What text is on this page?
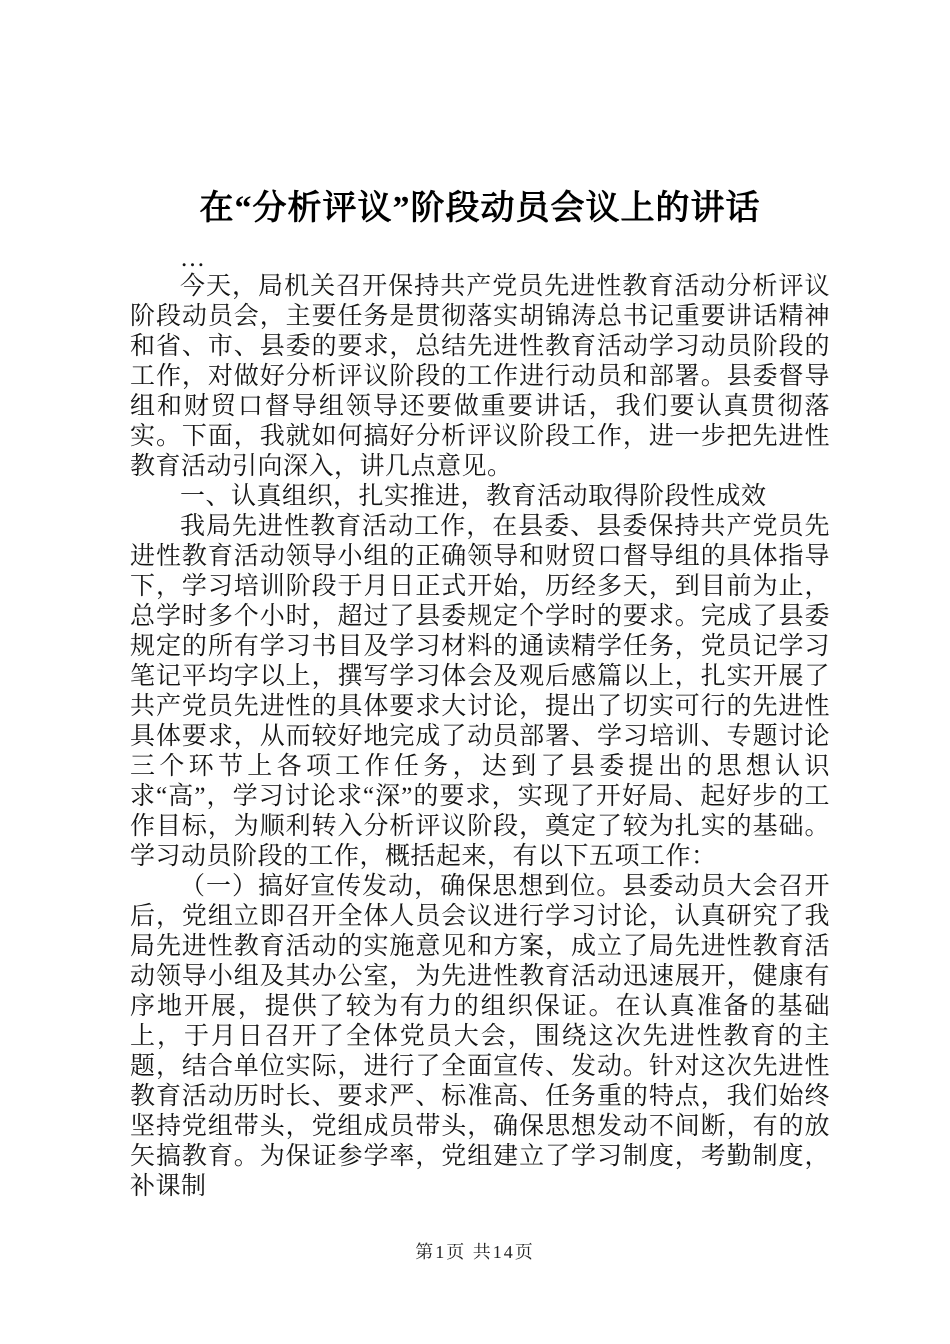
在“分析评议”阶段动员会议上的讲话

…

今天，局机关召开保持共产党员先进性教育活动分析评议阶段动员会，主要任务是贯彻落实胡锦涛总书记重要讲话精神和省、市、县委的要求，总结先进性教育活动学习动员阶段的工作，对做好分析评议阶段的工作进行动员和部署。县委督导组和财贸口督导组领导还要做重要讲话，我们要认真贯彻落实。下面，我就如何搞好分析评议阶段工作，进一步把先进性教育活动引向深入，讲几点意见。

一、认真组织，扎实推进，教育活动取得阶段性成效

我局先进性教育活动工作，在县委、县委保持共产党员先进性教育活动领导小组的正确领导和财贸口督导组的具体指导下，学习培训阶段于月日正式开始，历经多天，到目前为止，总学时多个小时，超过了县委规定个学时的要求。完成了县委规定的所有学习书目及学习材料的通读精学任务，党员记学习笔记平均字以上，撰写学习体会及观后感篇以上，扎实开展了共产党员先进性的具体要求大讨论，提出了切实可行的先进性具体要求，从而较好地完成了动员部署、学习培训、专题讨论三个环节上各项工作任务，达到了县委提出的思想认识求“高”，学习讨论求“深”的要求，实现了开好局、起好步的工作目标，为顺利转入分析评议阶段，奠定了较为扎实的基础。学习动员阶段的工作，概括起来，有以下五项工作：

（一）搞好宣传发动，确保思想到位。县委动员大会召开后，党组立即召开全体人员会议进行学习讨论，认真研究了我局先进性教育活动的实施意见和方案，成立了局先进性教育活动领导小组及其办公室，为先进性教育活动迅速展开，健康有序地开展，提供了较为有力的组织保证。在认真准备的基础上，于月日召开了全体党员大会，围绕这次先进性教育的主题，结合单位实际，进行了全面宣传、发动。针对这次先进性教育活动历时长、要求严、标准高、任务重的特点，我们始终坚持党组带头，党组成员带头，确保思想发动不间断，有的放矢搞教育。为保证参学率，党组建立了学习制度，考勤制度，补课制

第1页 共14页
